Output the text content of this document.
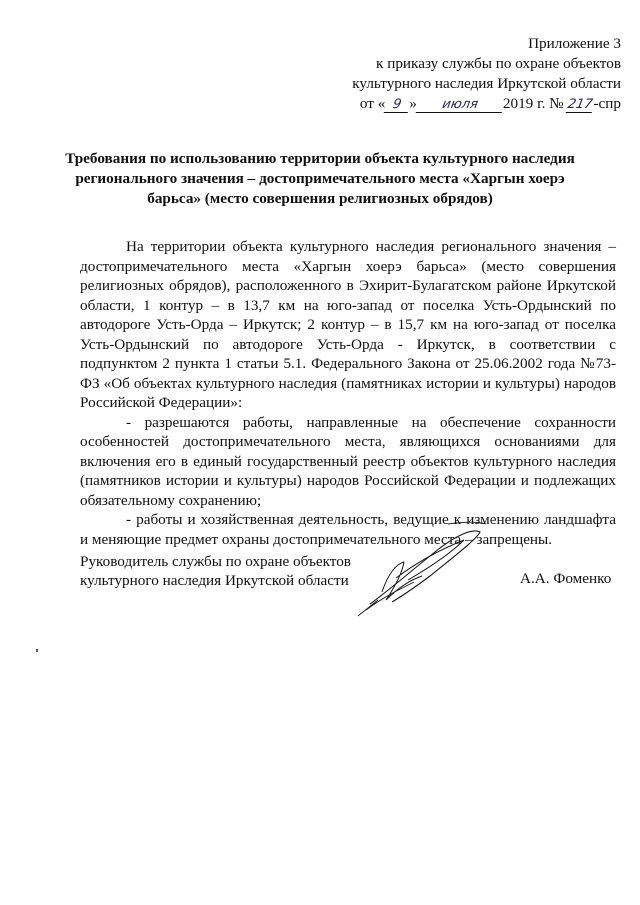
Приложение 3
к приказу службы по охране объектов
культурного наследия Иркутской области
от « 9 » июля 2019 г. № 217-спр
Требования по использованию территории объекта культурного наследия регионального значения – достопримечательного места «Харгын хоерэ барьса» (место совершения религиозных обрядов)

На территории объекта культурного наследия регионального значения – достопримечательного места «Харгын хоерэ барьса» (место совершения религиозных обрядов), расположенного в Эхирит-Булагатском районе Иркутской области, 1 контур – в 13,7 км на юго-запад от поселка Усть-Ордынский по автодороге Усть-Орда – Иркутск; 2 контур – в 15,7 км на юго-запад от поселка Усть-Ордынский по автодороге Усть-Орда - Иркутск, в соответствии с подпунктом 2 пункта 1 статьи 5.1. Федерального Закона от 25.06.2002 года №73-ФЗ «Об объектах культурного наследия (памятниках истории и культуры) народов Российской Федерации»:

- разрешаются работы, направленные на обеспечение сохранности особенностей достопримечательного места, являющихся основаниями для включения его в единый государственный реестр объектов культурного наследия (памятников истории и культуры) народов Российской Федерации и подлежащих обязательному сохранению;

- работы и хозяйственная деятельность, ведущие к изменению ландшафта и меняющие предмет охраны достопримечательного места – запрещены.

Руководитель службы по охране объектов
культурного наследия Иркутской области	А.А. Фоменко
